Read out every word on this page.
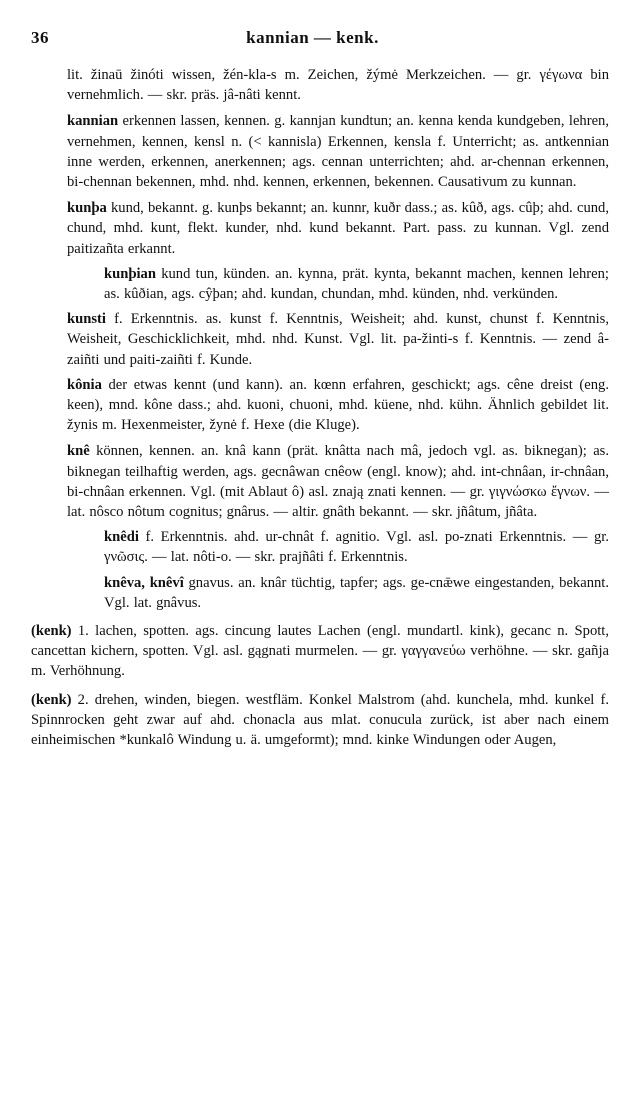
36	kannian — kenk.

lit. žinaū žinóti wissen, žén-kla-s m. Zeichen, žýmė Merkzeichen. — gr. γέγωνα bin vernehmlich. — skr. präs. jâ-nâti kennt.

kannian erkennen lassen, kennen. g. kannjan kundtun; an. kenna kenda kundgeben, lehren, vernehmen, kennen, kensl n. (< kannisla) Erkennen, kensla f. Unterricht; as. antkennian inne werden, erkennen, anerkennen; ags. cennan unterrichten; ahd. ar-chennan erkennen, bi-chennan bekennen, mhd. nhd. kennen, erkennen, bekennen. Causativum zu kunnan.

kunþa kund, bekannt. g. kunþs bekannt; an. kunnr, kuðr dass.; as. kûð, ags. cûþ; ahd. cund, chund, mhd. kunt, flekt. kunder, nhd. kund bekannt. Part. pass. zu kunnan. Vgl. zend paitizañta erkannt.

kunþian kund tun, künden. an. kynna, prät. kynta, bekannt machen, kennen lehren; as. kûðian, ags. cŷþan; ahd. kundan, chundan, mhd. künden, nhd. verkünden.

kunsti f. Erkenntnis. as. kunst f. Kenntnis, Weisheit; ahd. kunst, chunst f. Kenntnis, Weisheit, Geschicklichkeit, mhd. nhd. Kunst. Vgl. lit. pa-žinti-s f. Kenntnis. — zend â-zaiñti und paiti-zaiñti f. Kunde.

kônia der etwas kennt (und kann). an. kœnn erfahren, geschickt; ags. cêne dreist (eng. keen), mnd. kône dass.; ahd. kuoni, chuoni, mhd. küene, nhd. kühn. Ähnlich gebildet lit. žynis m. Hexenmeister, žynė f. Hexe (die Kluge).

knê können, kennen. an. knâ kann (prät. knâtta nach mâ, jedoch vgl. as. biknegan); as. biknegan teilhaftig werden, ags. gecnâwan cnêow (engl. know); ahd. int-chnâan, ir-chnâan, bi-chnâan erkennen. Vgl. (mit Ablaut ô) asl. znają znati kennen. — gr. γιγνώσκω ἔγνων. — lat. nôsco nôtum cognitus; gnârus. — altir. gnâth bekannt. — skr. jñâtum, jñâta.

knêdi f. Erkenntnis. ahd. ur-chnât f. agnitio. Vgl. asl. po-znati Erkenntnis. — gr. γνῶσις. — lat. nôti-o. — skr. prajñâti f. Erkenntnis.

knêva, knêvî gnavus. an. knâr tüchtig, tapfer; ags. ge-cnǣwe eingestanden, bekannt. Vgl. lat. gnâvus.

(kenk) 1. lachen, spotten. ags. cincung lautes Lachen (engl. mundartl. kink), gecanc n. Spott, cancettan kichern, spotten. Vgl. asl. gągnati murmelen. — gr. γαγγανεύω verhöhne. — skr. gañja m. Verhöhnung.

(kenk) 2. drehen, winden, biegen. westfläm. Konkel Malstrom (ahd. kunchela, mhd. kunkel f. Spinnrocken geht zwar auf ahd. chonacla aus mlat. conucula zurück, ist aber nach einem einheimischen *kunkalô Windung u. ä. umgeformt); mnd. kinke Windungen oder Augen,
